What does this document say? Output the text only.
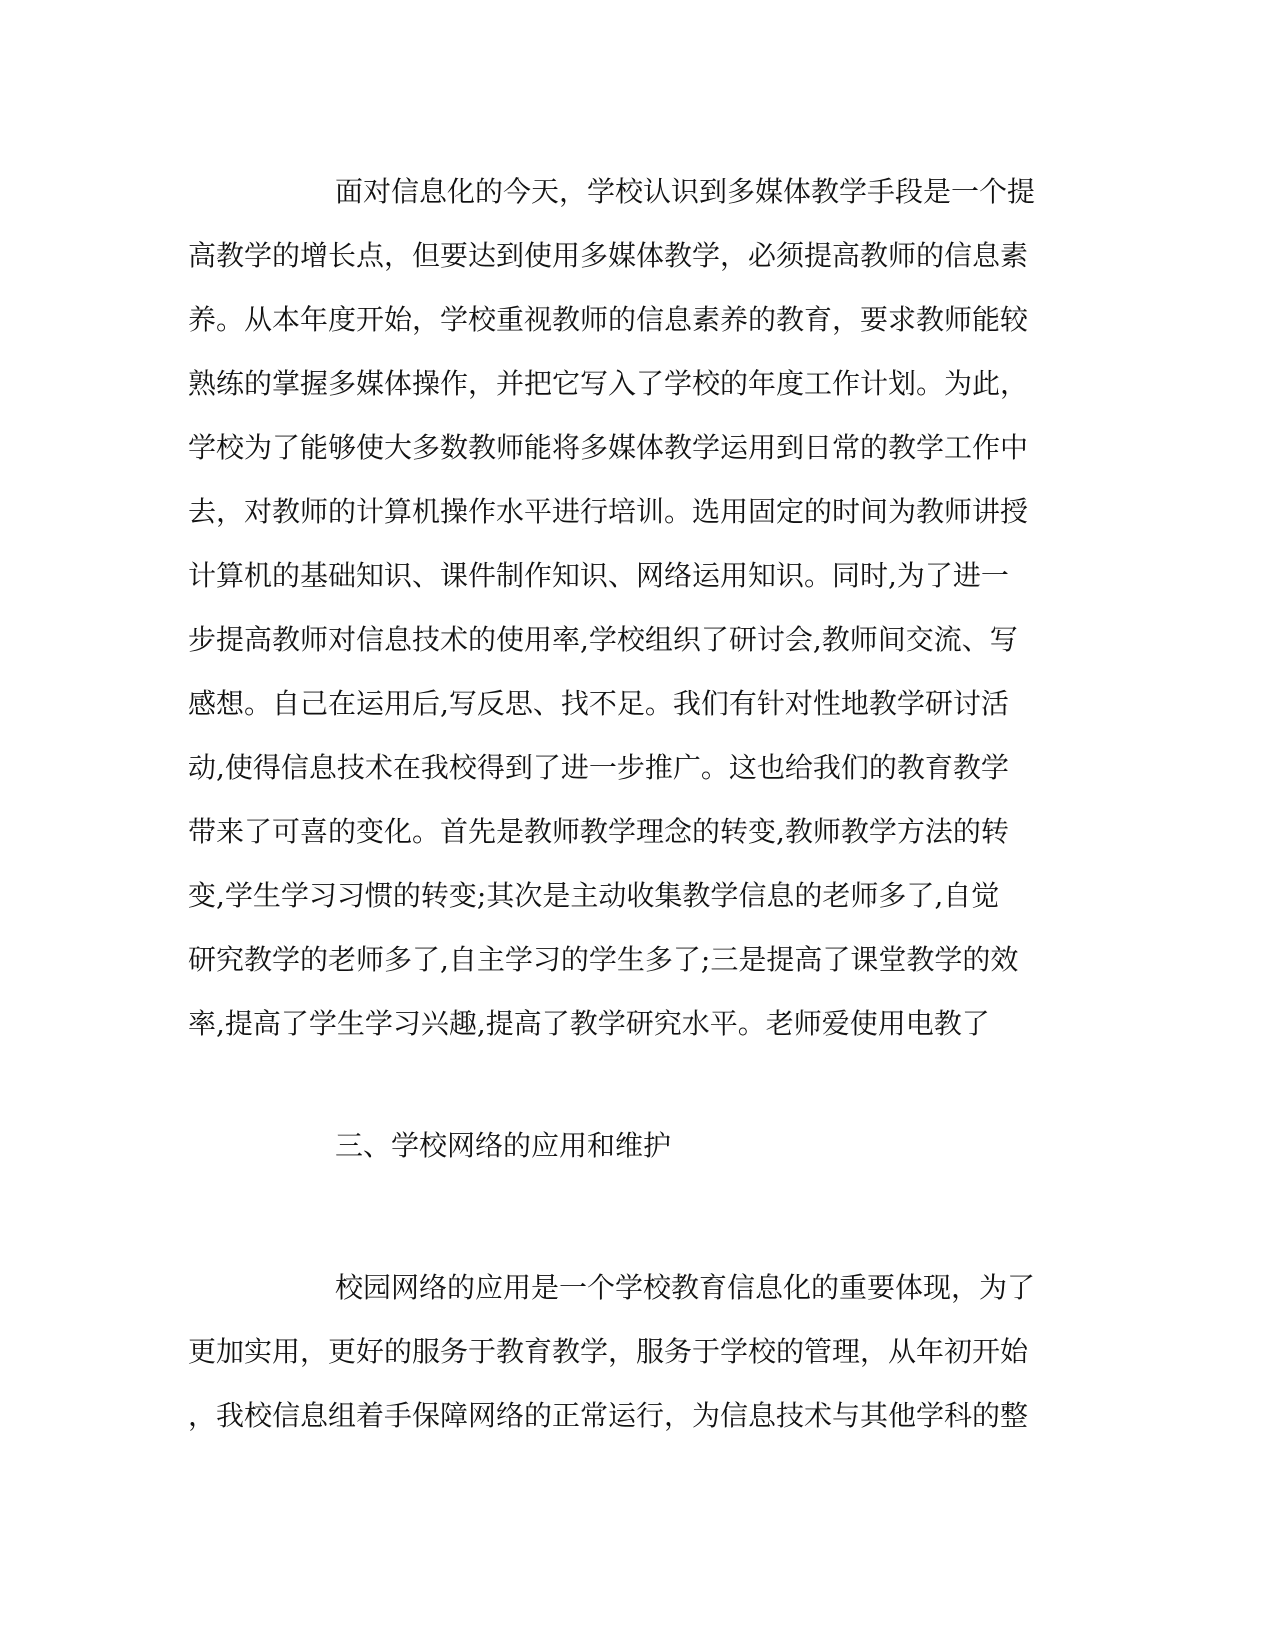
面对信息化的今天，学校认识到多媒体教学手段是一个提
高教学的增长点，但要达到使用多媒体教学，必须提高教师的信息素
养。从本年度开始，学校重视教师的信息素养的教育，要求教师能较
熟练的掌握多媒体操作，并把它写入了学校的年度工作计划。为此，
学校为了能够使大多数教师能将多媒体教学运用到日常的教学工作中
去，对教师的计算机操作水平进行培训。选用固定的时间为教师讲授
计算机的基础知识、课件制作知识、网络运用知识。同时,为了进一
步提高教师对信息技术的使用率,学校组织了研讨会,教师间交流、写
感想。自己在运用后,写反思、找不足。我们有针对性地教学研讨活
动,使得信息技术在我校得到了进一步推广。这也给我们的教育教学
带来了可喜的变化。首先是教师教学理念的转变,教师教学方法的转
变,学生学习习惯的转变;其次是主动收集教学信息的老师多了,自觉
研究教学的老师多了,自主学习的学生多了;三是提高了课堂教学的效
率,提高了学生学习兴趣,提高了教学研究水平。老师爱使用电教了
三、学校网络的应用和维护
校园网络的应用是一个学校教育信息化的重要体现，为了
更加实用，更好的服务于教育教学，服务于学校的管理，从年初开始
，我校信息组着手保障网络的正常运行，为信息技术与其他学科的整
